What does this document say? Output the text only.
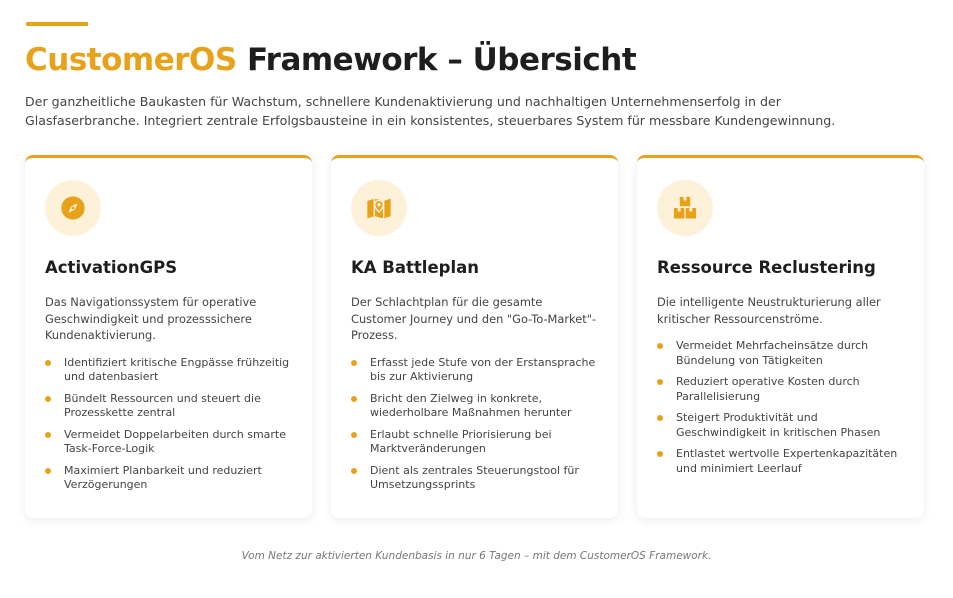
CustomerOS Framework – Übersicht

Der ganzheitliche Baukasten für Wachstum, schnellere Kundenaktivierung und nachhaltigen Unternehmenserfolg in der Glasfaserbranche. Integriert zentrale Erfolgsbausteine in ein konsistentes, steuerbares System für messbare Kundengewinnung.

ActivationGPS

Das Navigationssystem für operative Geschwindigkeit und prozesssichere Kundenaktivierung.

Identifiziert kritische Engpässe frühzeitig und datenbasiert
Bündelt Ressourcen und steuert die Prozesskette zentral
Vermeidet Doppelarbeiten durch smarte Task-Force-Logik
Maximiert Planbarkeit und reduziert Verzögerungen
KA Battleplan

Der Schlachtplan für die gesamte Customer Journey und den "Go-To-Market"-Prozess.

Erfasst jede Stufe von der Erstansprache bis zur Aktivierung
Bricht den Zielweg in konkrete, wiederholbare Maßnahmen herunter
Erlaubt schnelle Priorisierung bei Marktveränderungen
Dient als zentrales Steuerungstool für Umsetzungssprints
Ressource Reclustering

Die intelligente Neustrukturierung aller kritischer Ressourcenströme.

Vermeidet Mehrfacheinsätze durch Bündelung von Tätigkeiten
Reduziert operative Kosten durch Parallelisierung
Steigert Produktivität und Geschwindigkeit in kritischen Phasen
Entlastet wertvolle Expertenkapazitäten und minimiert Leerlauf

Vom Netz zur aktivierten Kundenbasis in nur 6 Tagen – mit dem CustomerOS Framework.
